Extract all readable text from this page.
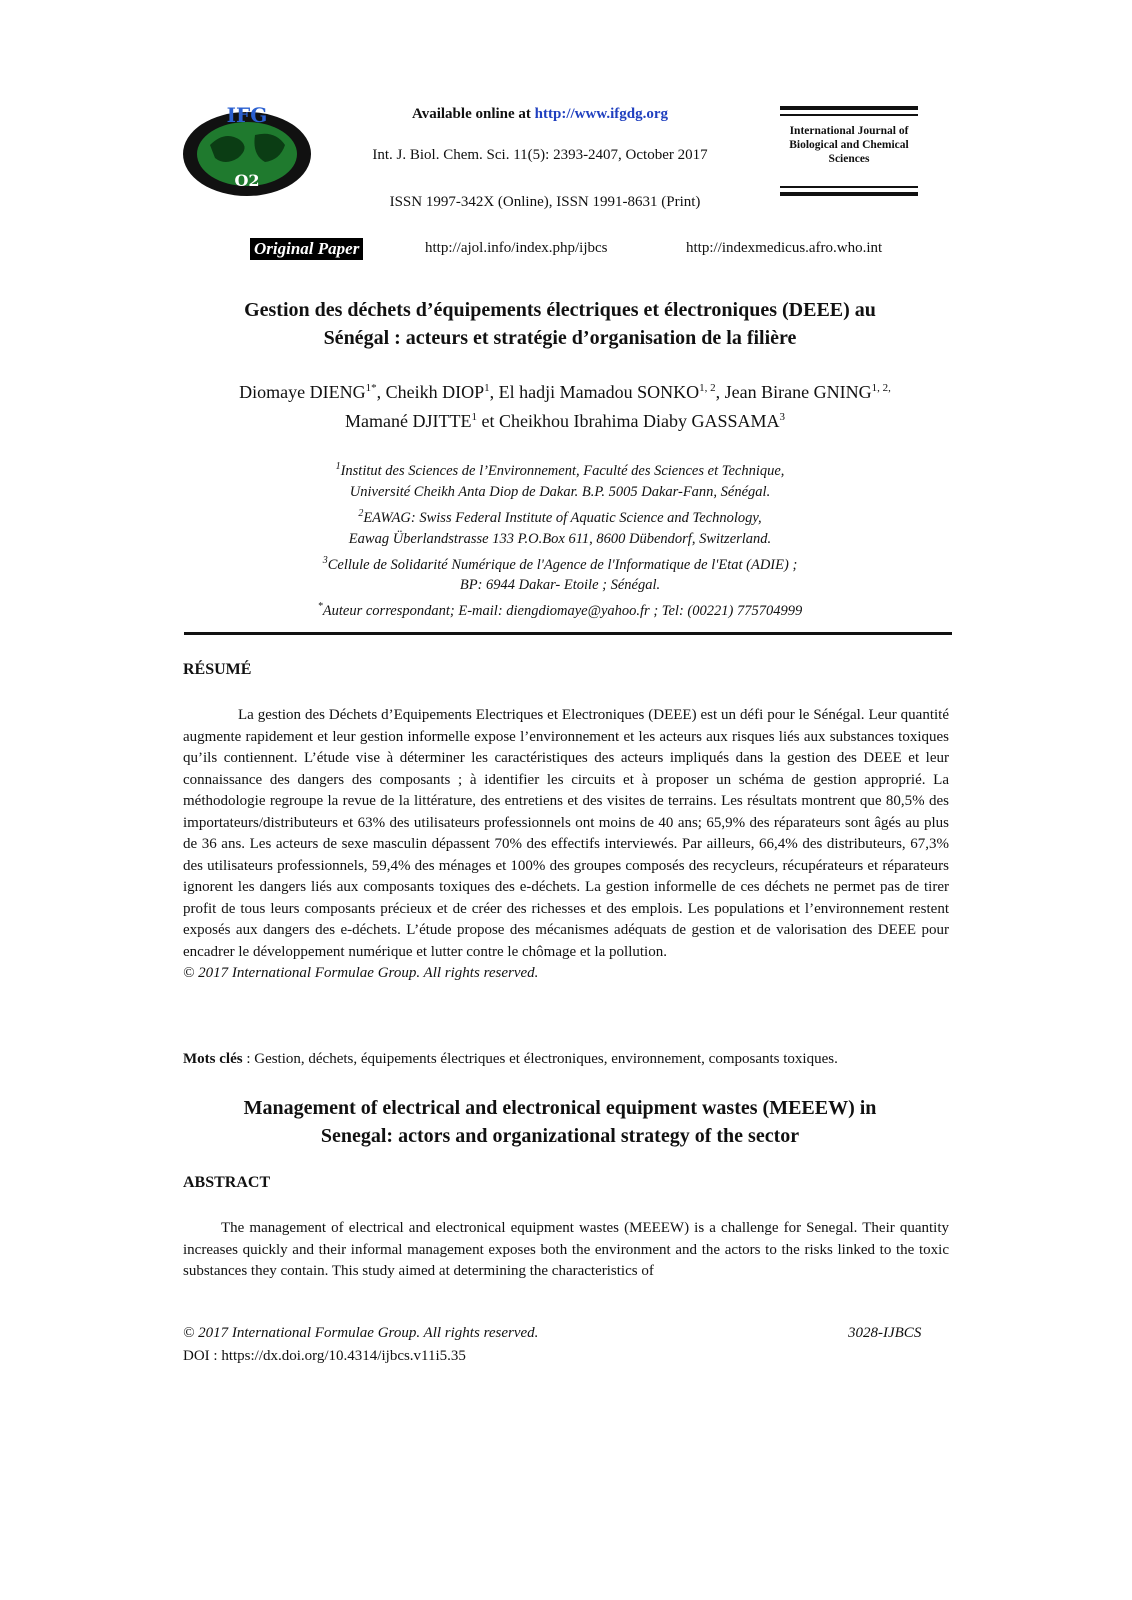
IFG
O2
Available online at http://www.ifgdg.org
Int. J. Biol. Chem. Sci. 11(5): 2393-2407, October 2017
ISSN 1997-342X (Online), ISSN 1991-8631 (Print)
International Journal of Biological and Chemical Sciences
Original Paper	http://ajol.info/index.php/ijbcs	http://indexmedicus.afro.who.int
Gestion des déchets d’équipements électriques et électroniques (DEEE) au
Sénégal : acteurs et stratégie d’organisation de la filière
Diomaye $DIENG^{1*}$, Cheikh DIOP$^1$, El hadji Mamadou SONKO$^{1, 2}$, Jean Birane $GNING^{1, 2,}$
Mamané DJITTE$^1$ et Cheikhou Ibrahima Diaby GASSAMA$^3$
$^1$Institut des Sciences de l’Environnement, Faculté des Sciences et Technique,
Université Cheikh Anta Diop de Dakar. B.P. 5005 Dakar-Fann, Sénégal.
$^2$EAWAG: Swiss Federal Institute of Aquatic Science and Technology,
Eawag Überlandstrasse 133 P.O.Box 611, 8600 Dübendorf, Switzerland.
$^3$Cellule de Solidarité Numérique de l'Agence de l'Informatique de l'Etat (ADIE) ;
BP: 6944 Dakar- Etoile ; Sénégal.
*Auteur correspondant; E-mail: diengdiomaye@yahoo.fr ; Tel: (00221) 775704999
RÉSUMÉ
La gestion des Déchets d’Equipements Electriques et Electroniques (DEEE) est un défi pour le Sénégal. Leur quantité augmente rapidement et leur gestion informelle expose l’environnement et les acteurs aux risques liés aux substances toxiques qu’ils contiennent. L’étude vise à déterminer les caractéristiques des acteurs impliqués dans la gestion des DEEE et leur connaissance des dangers des composants ; à identifier les circuits et à proposer un schéma de gestion approprié. La méthodologie regroupe la revue de la littérature, des entretiens et des visites de terrains. Les résultats montrent que 80,5% des importateurs/distributeurs et 63% des utilisateurs professionnels ont moins de 40 ans; 65,9% des réparateurs sont âgés au plus de 36 ans. Les acteurs de sexe masculin dépassent 70% des effectifs interviewés. Par ailleurs, 66,4% des distributeurs, 67,3% des utilisateurs professionnels, 59,4% des ménages et 100% des groupes composés des recycleurs, récupérateurs et réparateurs ignorent les dangers liés aux composants toxiques des e-déchets. La gestion informelle de ces déchets ne permet pas de tirer profit de tous leurs composants précieux et de créer des richesses et des emplois. Les populations et l’environnement restent exposés aux dangers des e-déchets. L’étude propose des mécanismes adéquats de gestion et de valorisation des DEEE pour encadrer le développement numérique et lutter contre le chômage et la pollution.
© 2017 International Formulae Group. All rights reserved.
Mots clés : Gestion, déchets, équipements électriques et électroniques, environnement, composants toxiques.
Management of electrical and electronical equipment wastes (MEEEW) in
Senegal: actors and organizational strategy of the sector
ABSTRACT
The management of electrical and electronical equipment wastes (MEEEW) is a challenge for Senegal. Their quantity increases quickly and their informal management exposes both the environment and the actors to the risks linked to the toxic substances they contain. This study aimed at determining the characteristics of
© 2017 International Formulae Group. All rights reserved.	3028-IJBCS
DOI : https://dx.doi.org/10.4314/ijbcs.v11i5.35
